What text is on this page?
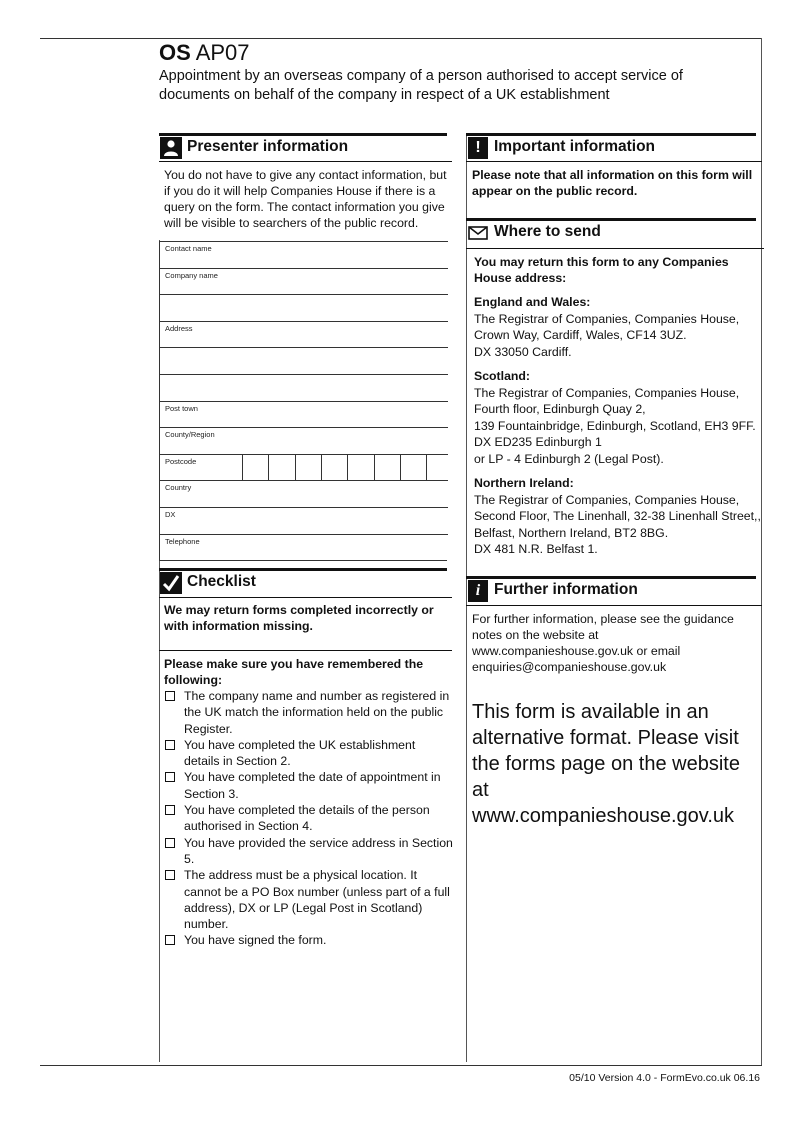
OS AP07
Appointment by an overseas company of a person authorised to accept service of documents on behalf of the company in respect of a UK establishment
Presenter information
You do not have to give any contact information, but if you do it will help Companies House if there is a query on the form. The contact information you give will be visible to searchers of the public record.
Contact name
Company name
Address
Post town
County/Region
Postcode
Country
DX
Telephone
Checklist
We may return forms completed incorrectly or with information missing.
Please make sure you have remembered the following:
The company name and number as registered in the UK match the information held on the public Register.
You have completed the UK establishment details in Section 2.
You have completed the date of appointment in Section 3.
You have completed the details of the person authorised in Section 4.
You have provided the service address in Section 5.
The address must be a physical location. It cannot be a PO Box number (unless part of a full address), DX or LP (Legal Post in Scotland) number.
You have signed the form.
! Important information
Please note that all information on this form will appear on the public record.
Where to send
You may return this form to any Companies House address:
England and Wales:
The Registrar of Companies, Companies House,
Crown Way, Cardiff, Wales, CF14 3UZ.
DX 33050 Cardiff.
Scotland:
The Registrar of Companies, Companies House,
Fourth floor, Edinburgh Quay 2,
139 Fountainbridge, Edinburgh, Scotland, EH3 9FF.
DX ED235 Edinburgh 1
or LP - 4 Edinburgh 2 (Legal Post).
Northern Ireland:
The Registrar of Companies, Companies House,
Second Floor, The Linenhall, 32-38 Linenhall Street,,
Belfast, Northern Ireland, BT2 8BG.
DX 481 N.R. Belfast 1.
i Further information
For further information, please see the guidance notes on the website at www.companieshouse.gov.uk or email enquiries@companieshouse.gov.uk
This form is available in an alternative format. Please visit the forms page on the website at www.companieshouse.gov.uk
05/10 Version 4.0 - FormEvo.co.uk 06.16
